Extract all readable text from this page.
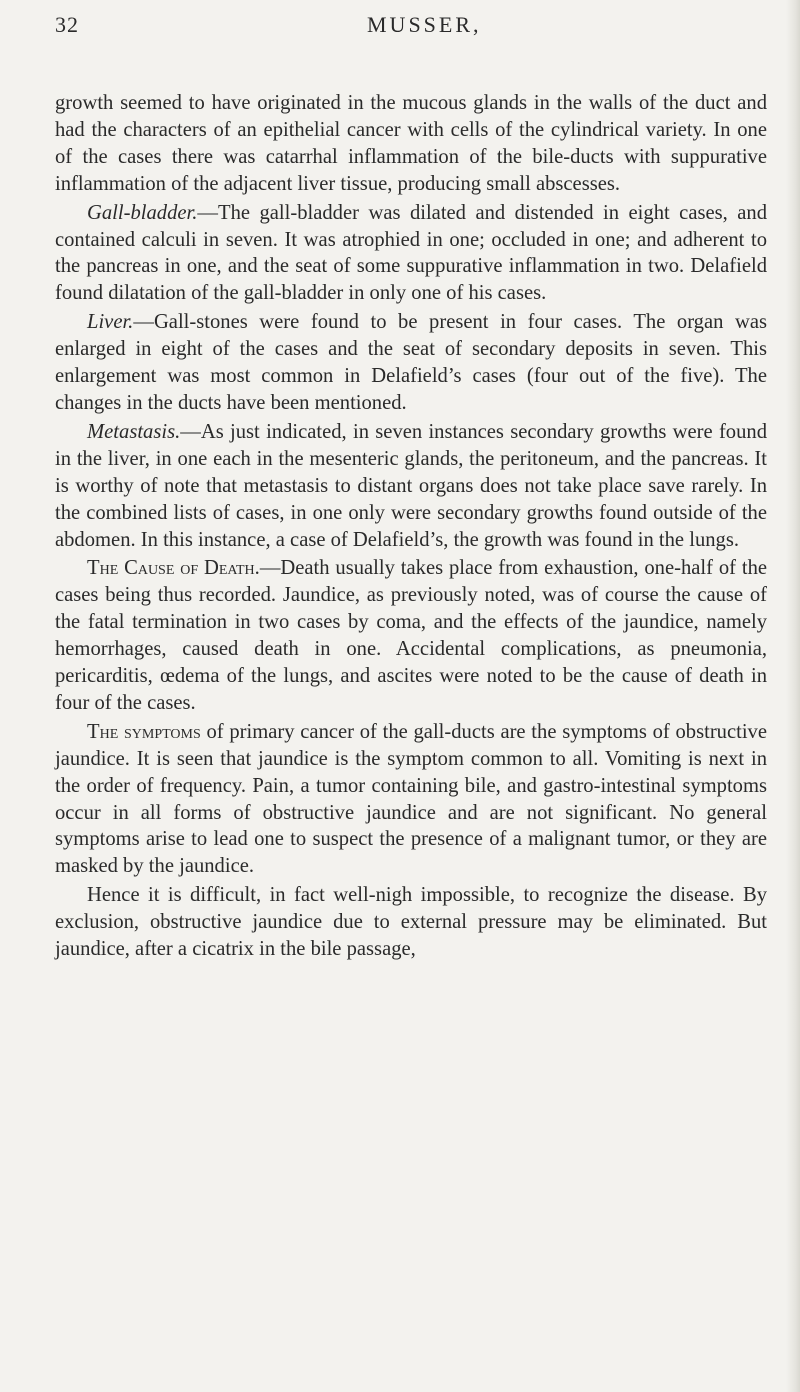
32	MUSSER,

growth seemed to have originated in the mucous glands in the walls of the duct and had the characters of an epithelial cancer with cells of the cylindrical variety. In one of the cases there was catarrhal inflammation of the bile-ducts with suppurative inflammation of the adjacent liver tissue, producing small abscesses.

Gall-bladder.—The gall-bladder was dilated and distended in eight cases, and contained calculi in seven. It was atrophied in one; occluded in one; and adherent to the pancreas in one, and the seat of some suppurative inflammation in two. Delafield found dilatation of the gall-bladder in only one of his cases.

Liver.—Gall-stones were found to be present in four cases. The organ was enlarged in eight of the cases and the seat of secondary deposits in seven. This enlargement was most common in Delafield’s cases (four out of the five). The changes in the ducts have been mentioned.

Metastasis.—As just indicated, in seven instances secondary growths were found in the liver, in one each in the mesenteric glands, the peritoneum, and the pancreas. It is worthy of note that metastasis to distant organs does not take place save rarely. In the combined lists of cases, in one only were secondary growths found outside of the abdomen. In this instance, a case of Delafield’s, the growth was found in the lungs.

The Cause of Death.—Death usually takes place from exhaustion, one-half of the cases being thus recorded. Jaundice, as previously noted, was of course the cause of the fatal termination in two cases by coma, and the effects of the jaundice, namely hemorrhages, caused death in one. Accidental complications, as pneumonia, pericarditis, œdema of the lungs, and ascites were noted to be the cause of death in four of the cases.

The symptoms of primary cancer of the gall-ducts are the symptoms of obstructive jaundice. It is seen that jaundice is the symptom common to all. Vomiting is next in the order of frequency. Pain, a tumor containing bile, and gastro-intestinal symptoms occur in all forms of obstructive jaundice and are not significant. No general symptoms arise to lead one to suspect the presence of a malignant tumor, or they are masked by the jaundice.

Hence it is difficult, in fact well-nigh impossible, to recognize the disease. By exclusion, obstructive jaundice due to external pressure may be eliminated. But jaundice, after a cicatrix in the bile passage,
